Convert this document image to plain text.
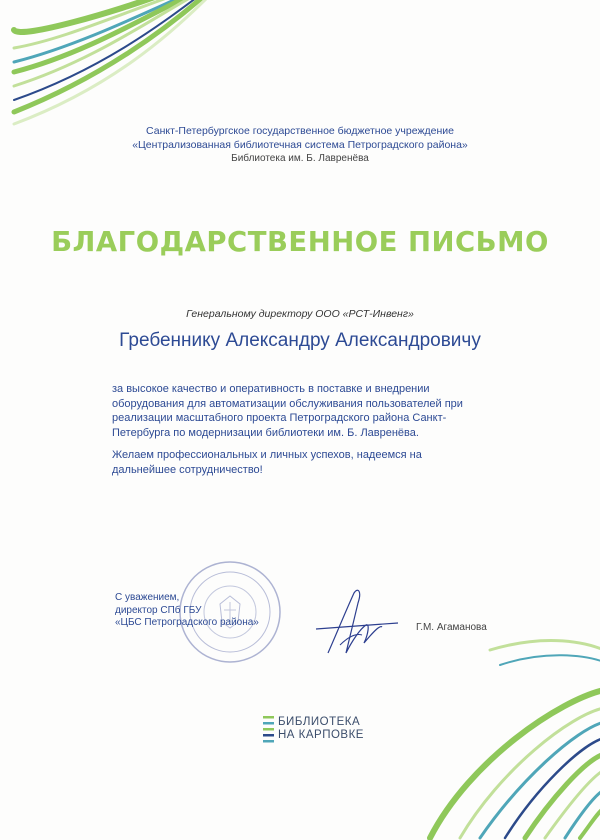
Санкт-Петербургское государственное бюджетное учреждение
«Централизованная библиотечная система Петроградского района»
Библиотека им. Б. Лавренёва
БЛАГОДАРСТВЕННОЕ ПИСЬМО
Генеральному директору ООО «РСТ-Инвенг»
Гребеннику Александру Александровичу

за высокое качество и оперативность в поставке и внедрении оборудования для автоматизации обслуживания пользователей при реализации масштабного проекта Петроградского района Санкт-Петербурга по модернизации библиотеки им. Б. Лавренёва.

Желаем профессиональных и личных успехов, надеемся на дальнейшее сотрудничество!

С уважением,
директор СПб ГБУ
«ЦБС Петроградского района»	Г.М. Агаманова
БИБЛИОТЕКА
НА КАРПОВКЕ
